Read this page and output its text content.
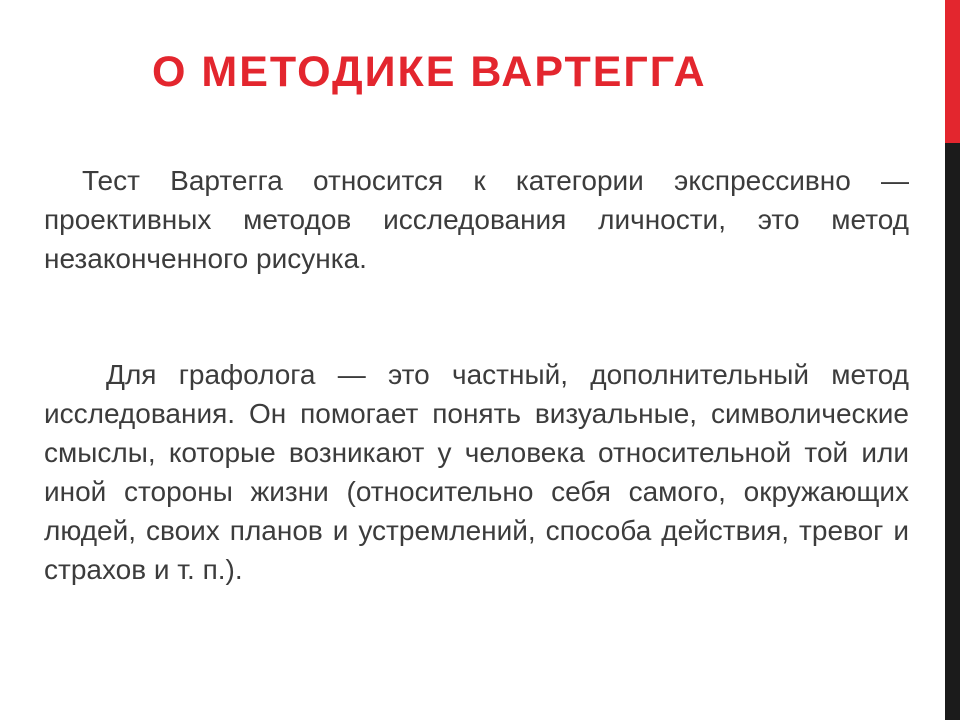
О МЕТОДИКЕ ВАРТЕГГА

Тест Вартегга относится к категории экспрессивно — проективных методов исследования личности, это метод незаконченного рисунка.

Для графолога — это частный, дополнительный метод исследования. Он помогает понять визуальные, символические смыслы, которые возникают у человека относительной той или иной стороны жизни (относительно себя самого, окружающих людей, своих планов и устремлений, способа действия, тревог и страхов и т. п.).
